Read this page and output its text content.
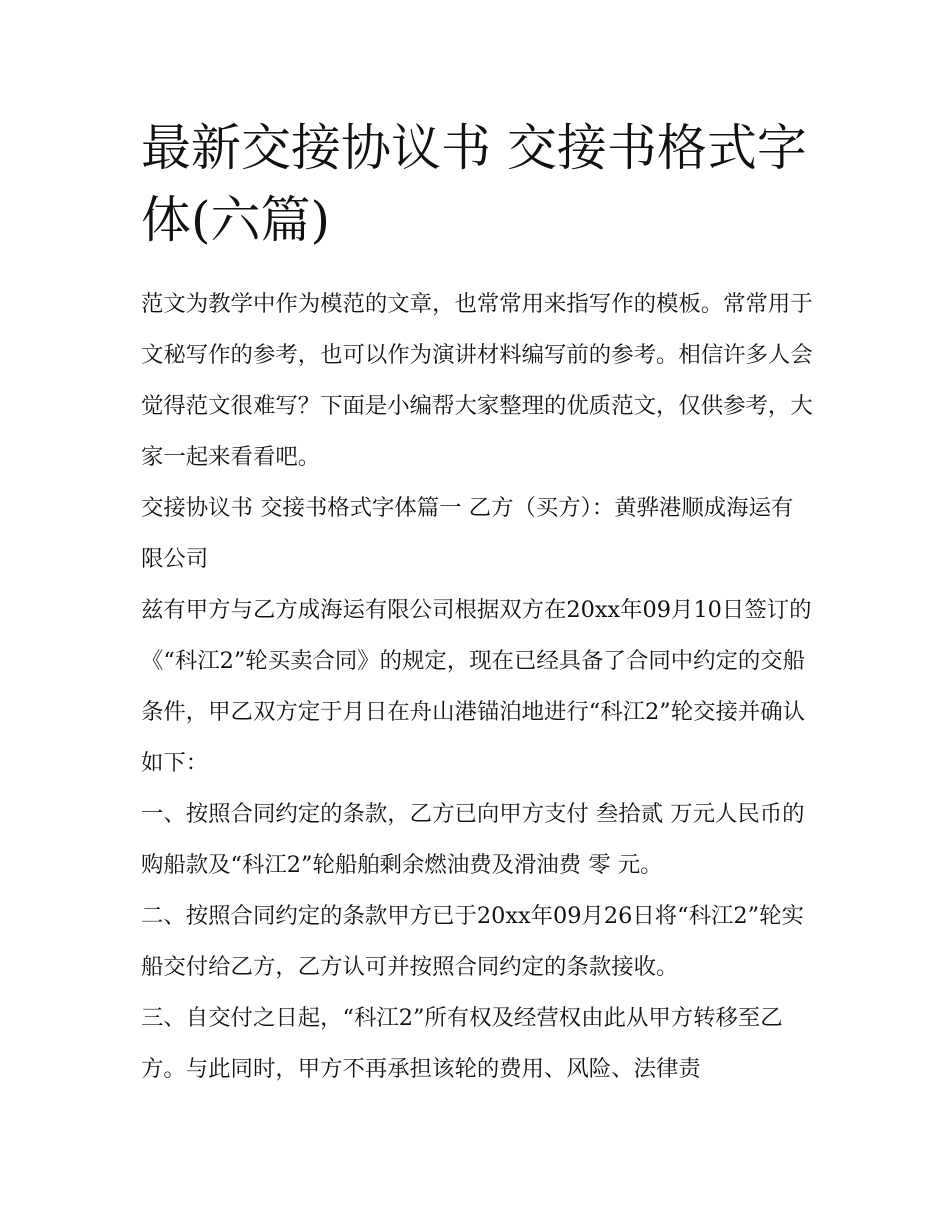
最新交接协议书 交接书格式字体(六篇)

范文为教学中作为模范的文章，也常常用来指写作的模板。常常用于文秘写作的参考，也可以作为演讲材料编写前的参考。相信许多人会觉得范文很难写？下面是小编帮大家整理的优质范文，仅供参考，大家一起来看看吧。

交接协议书 交接书格式字体篇一 乙方（买方）：黄骅港顺成海运有限公司

兹有甲方与乙方成海运有限公司根据双方在20xx年09月10日签订的《“科江2”轮买卖合同》的规定，现在已经具备了合同中约定的交船条件，甲乙双方定于月日在舟山港锚泊地进行“科江2”轮交接并确认如下：

一、按照合同约定的条款，乙方已向甲方支付 叁拾贰 万元人民币的购船款及“科江2”轮船舶剩余燃油费及滑油费 零 元。

二、按照合同约定的条款甲方已于20xx年09月26日将“科江2”轮实船交付给乙方，乙方认可并按照合同约定的条款接收。

三、自交付之日起，“科江2”所有权及经营权由此从甲方转移至乙方。与此同时，甲方不再承担该轮的费用、风险、法律责
